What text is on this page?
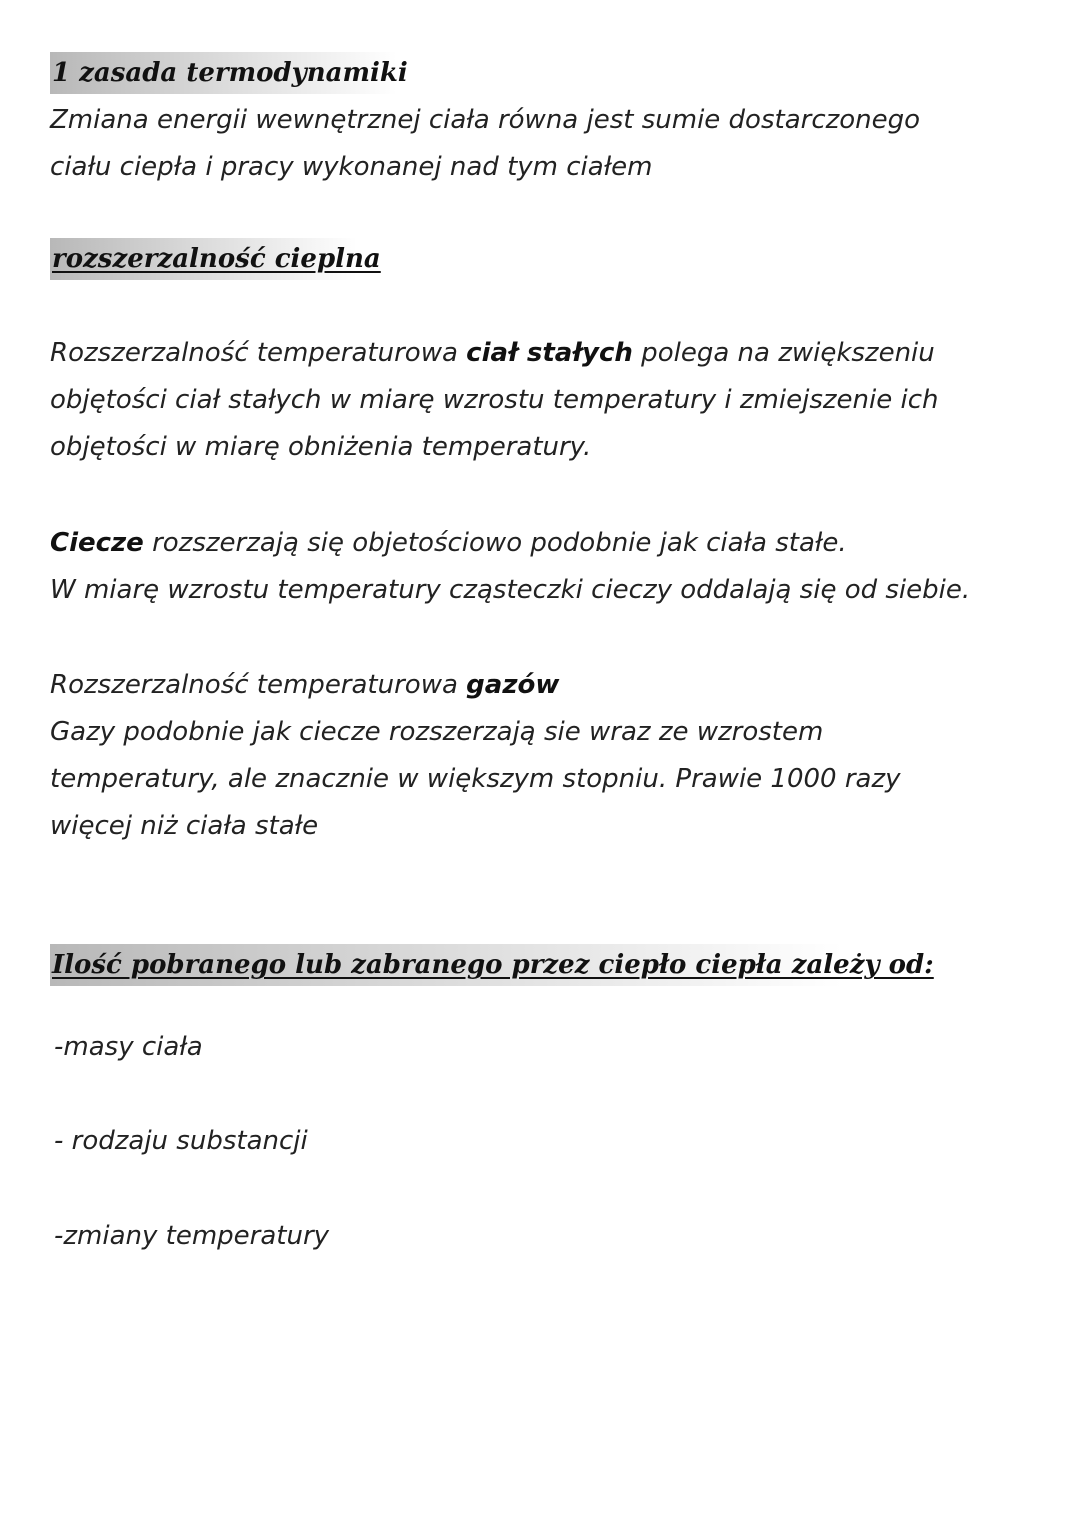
1 zasada termodynamiki

Zmiana energii wewnętrznej ciała równa jest sumie dostarczonego
ciału ciepła i pracy wykonanej nad tym ciałem

rozszerzalność cieplna

Rozszerzalność temperaturowa ciał stałych polega na zwiększeniu
objętości ciał stałych w miarę wzrostu temperatury i zmiejszenie ich
objętości w miarę obniżenia temperatury.

Ciecze rozszerzają się objetościowo podobnie jak ciała stałe.
W miarę wzrostu temperatury cząsteczki cieczy oddalają się od siebie.

Rozszerzalność temperaturowa gazów
Gazy podobnie jak ciecze rozszerzają sie wraz ze wzrostem
temperatury, ale znacznie w większym stopniu. Prawie 1000 razy
więcej niż ciała stałe

Ilość pobranego lub zabranego przez ciepło ciepła zależy od:
-masy ciała
- rodzaju substancji
-zmiany temperatury
